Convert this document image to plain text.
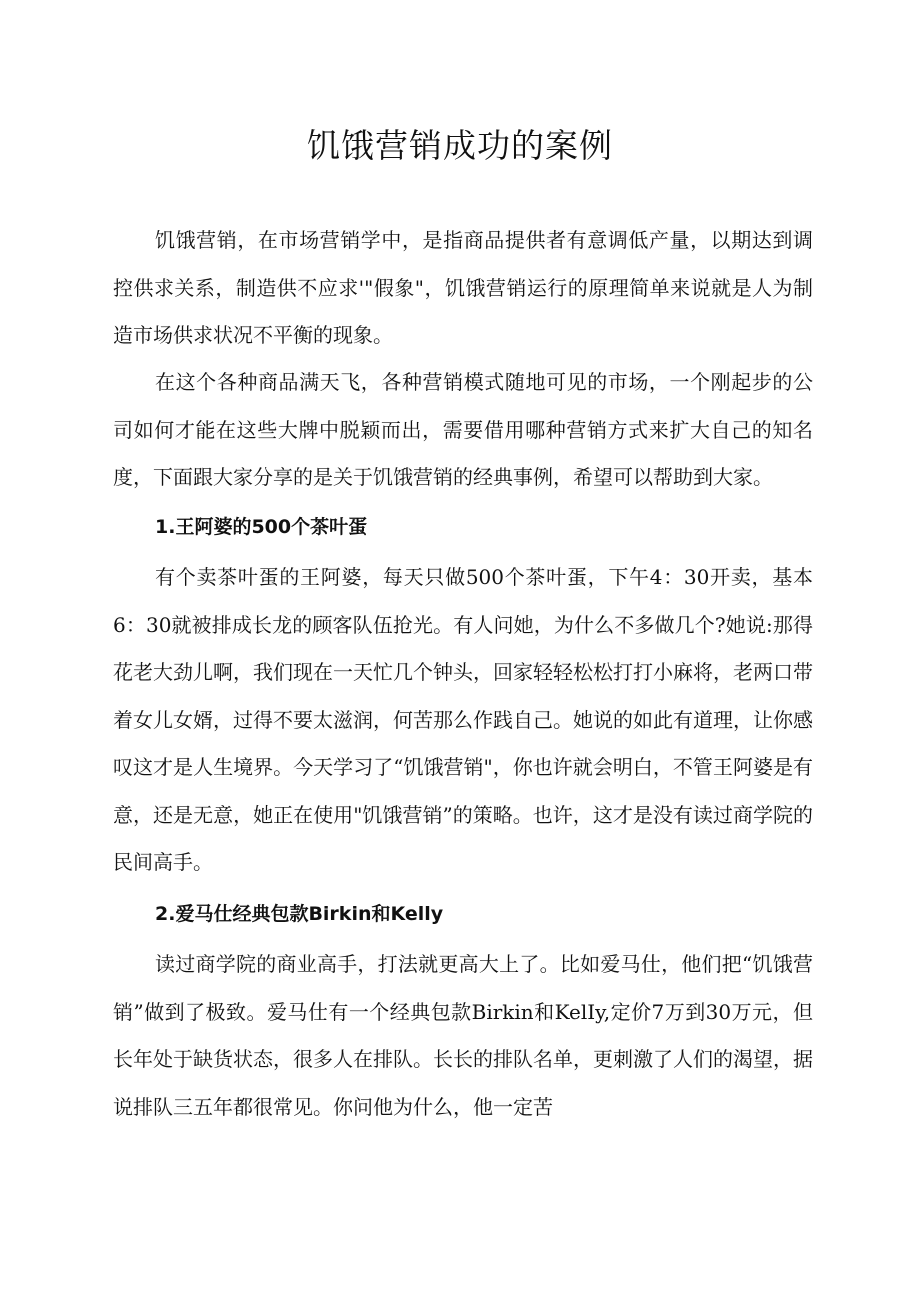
饥饿营销成功的案例

饥饿营销，在市场营销学中，是指商品提供者有意调低产量，以期达到调控供求关系，制造供不应求'"假象"，饥饿营销运行的原理简单来说就是人为制造市场供求状况不平衡的现象。

在这个各种商品满天飞，各种营销模式随地可见的市场，一个刚起步的公司如何才能在这些大牌中脱颖而出，需要借用哪种营销方式来扩大自己的知名度，下面跟大家分享的是关于饥饿营销的经典事例，希望可以帮助到大家。

1.王阿婆的500个茶叶蛋

有个卖茶叶蛋的王阿婆，每天只做500个茶叶蛋，下午4：30开卖，基本6：30就被排成长龙的顾客队伍抢光。有人问她，为什么不多做几个?她说:那得花老大劲儿啊，我们现在一天忙几个钟头，回家轻轻松松打打小麻将，老两口带着女儿女婿，过得不要太滋润，何苦那么作践自己。她说的如此有道理，让你感叹这才是人生境界。今天学习了“饥饿营销"，你也许就会明白，不管王阿婆是有意，还是无意，她正在使用"饥饿营销”的策略。也许，这才是没有读过商学院的民间高手。

2.爱马仕经典包款Birkin和Kelly

读过商学院的商业高手，打法就更高大上了。比如爱马仕，他们把“饥饿营销”做到了极致。爱马仕有一个经典包款Birkin和KelIy,定价7万到30万元，但长年处于缺货状态，很多人在排队。长长的排队名单，更刺激了人们的渴望，据说排队三五年都很常见。你问他为什么，他一定苦
